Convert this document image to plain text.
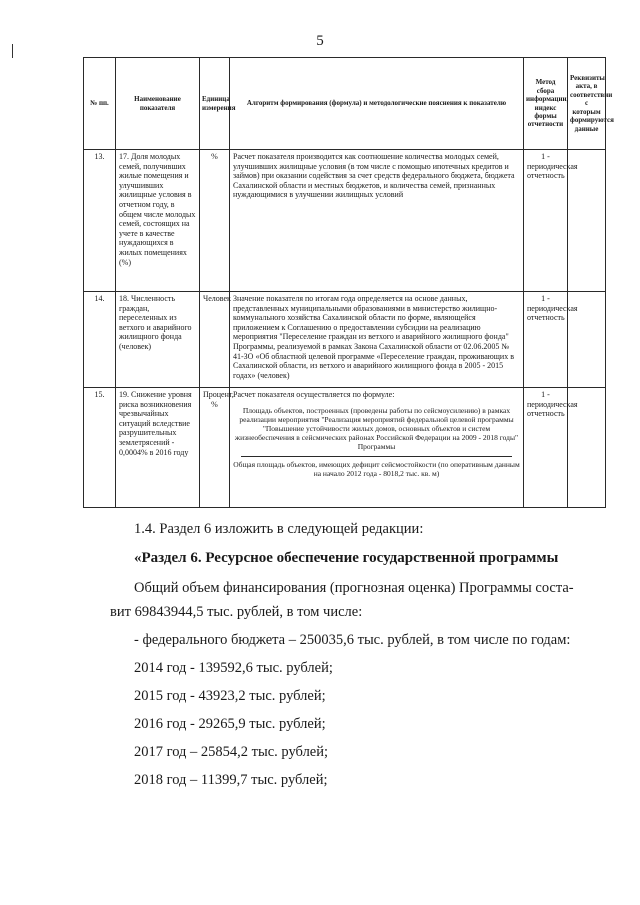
5
№ пп.	Наименование показателя	Единица измерения	Алгоритм формирования (формула) и методологические пояснения к показателю	Метод сбора информации, индекс формы отчетности	Реквизиты акта, в соответствии с которым формируются данные
13.	17. Доля молодых семей, получивших жилые помещения и улучшивших жилищные условия в отчетном году, в общем числе молодых семей, состоящих на учете в качестве нуждающихся в жилых помещениях (%)	%	Расчет показателя производится как соотношение количества молодых семей, улучшивших жилищные условия (в том числе с помощью ипотечных кредитов и займов) при оказании содействия за счет средств федерального бюджета, бюджета Сахалинской области и местных бюджетов, и количества семей, признанных нуждающимися в улучшении жилищных условий	1 - периодическая отчетность	
14.	18. Численность граждан, переселенных из ветхого и аварийного жилищного фонда (человек)	Человек	Значение показателя по итогам года определяется на основе данных, представленных муниципальными образованиями в министерство жилищно-коммунального хозяйства Сахалинской области по форме, являющейся приложением к Соглашению о предоставлении субсидии на реализацию мероприятия "Переселение граждан из ветхого и аварийного жилищного фонда" Программы, реализуемой в рамках Закона Сахалинской области от 02.06.2005 № 41-ЗО «Об областной целевой программе «Переселение граждан, проживающих в Сахалинской области, из ветхого и аварийного жилищного фонда в 2005 - 2015 годах» (человек)	1 - периодическая отчетность	
15.	19. Снижение уровня риска возникновения чрезвычайных ситуаций вследствие разрушительных землетрясений - 0,0004% в 2016 году	Процент, %	Расчет показателя осуществляется по формуле:
Площадь объектов, построенных (проведены работы по сейсмоусилению) в рамках реализации мероприятия "Реализация мероприятий федеральной целевой программы "Повышение устойчивости жилых домов, основных объектов и систем жизнеобеспечения в сейсмических районах Российской Федерации на 2009 - 2018 годы" Программы
Общая площадь объектов, имеющих дефицит сейсмостойкости (по оперативным данным на начало 2012 года - 8018,2 тыс. кв. м)	1 - периодическая отчетность	
1.4. Раздел 6 изложить в следующей редакции:
«Раздел 6. Ресурсное обеспечение государственной программы
Общий объем финансирования (прогнозная оценка) Программы соста-
вит 69843944,5 тыс. рублей, в том числе:
- федерального бюджета – 250035,6 тыс. рублей, в том числе по годам:
2014 год - 139592,6 тыс. рублей;
2015 год - 43923,2 тыс. рублей;
2016 год - 29265,9 тыс. рублей;
2017 год – 25854,2 тыс. рублей;
2018 год – 11399,7 тыс. рублей;
